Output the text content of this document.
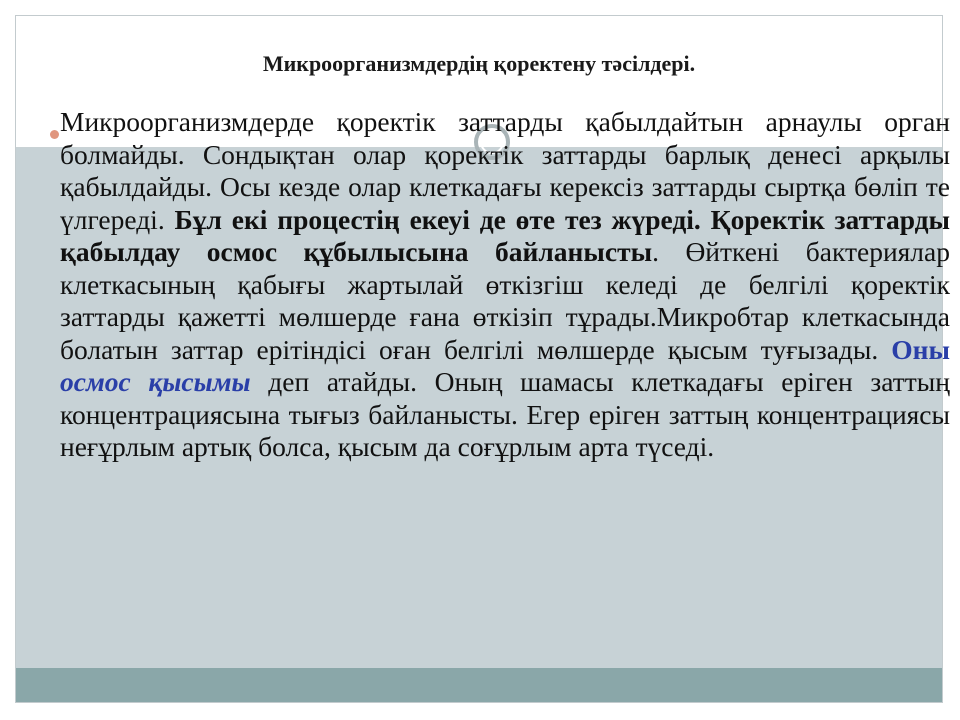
Микроорганизмдердің қоректену тәсілдері.

Микроорганизмдерде қоректік заттарды қабылдайтын арнаулы орган болмайды. Сондықтан олар қоректік заттарды барлық денесі арқылы қабылдайды. Осы кезде олар клеткадағы керексіз заттарды сыртқа бөліп те үлгереді. Бұл екі процестің екеуі де өте тез жүреді. Қоректік заттарды қабылдау осмос құбылысына байланысты. Өйткені бактериялар клеткасының қабығы жартылай өткізгіш келеді де белгілі қоректік заттарды қажетті мөлшерде ғана өткізіп тұрады.Микробтар клеткасында болатын заттар ерітіндісі оған белгілі мөлшерде қысым туғызады. Оны осмос қысымы деп атайды. Оның шамасы клеткадағы еріген заттың концентрациясына тығыз байланысты. Егер еріген заттың концентрациясы неғұрлым артық болса, қысым да соғұрлым арта түседі.
